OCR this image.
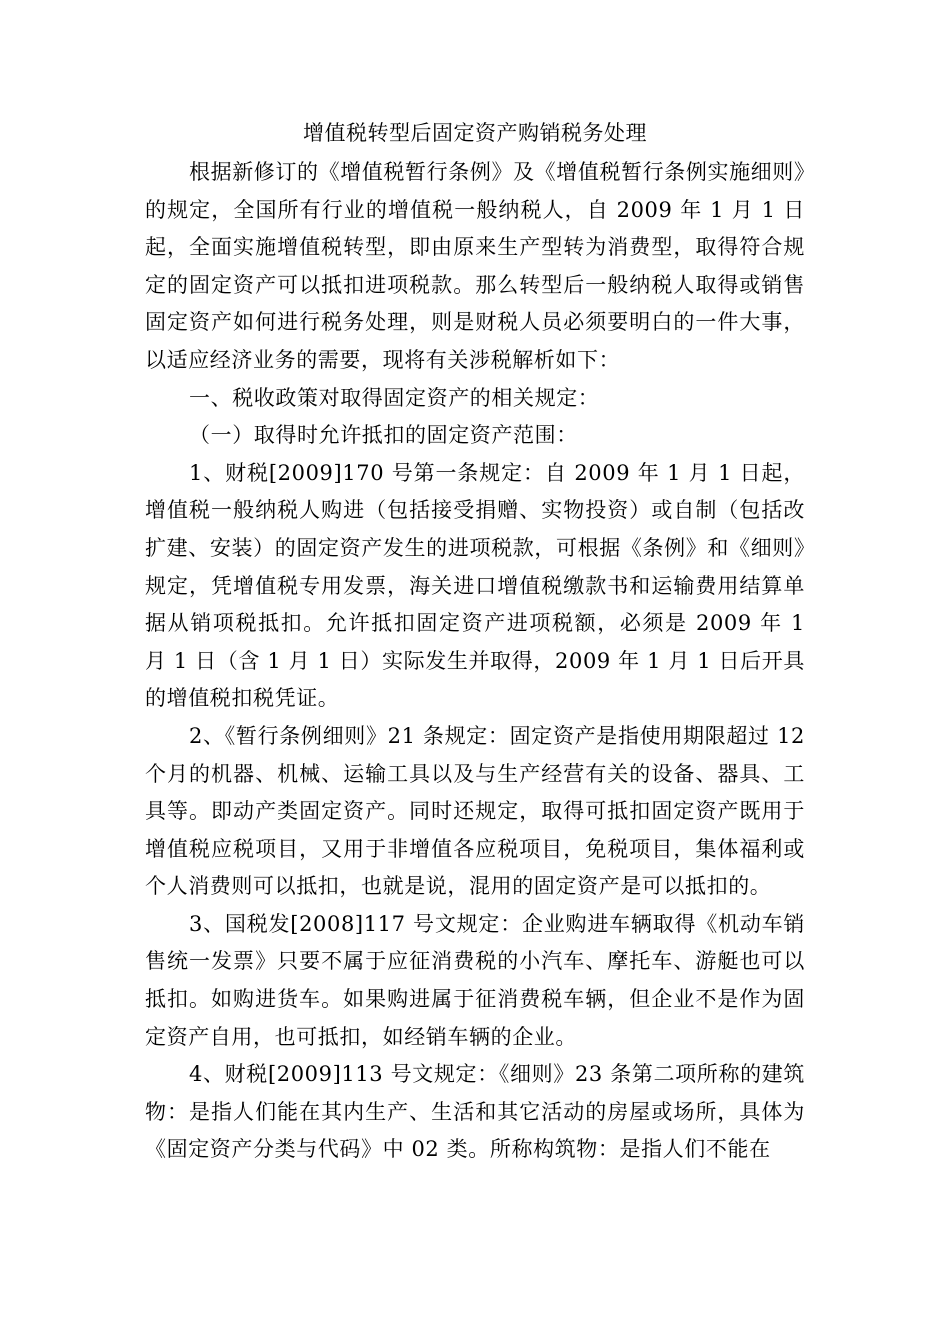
增值税转型后固定资产购销税务处理

根据新修订的《增值税暂行条例》及《增值税暂行条例实施细则》的规定，全国所有行业的增值税一般纳税人，自 2009 年 1 月 1 日起，全面实施增值税转型，即由原来生产型转为消费型，取得符合规定的固定资产可以抵扣进项税款。那么转型后一般纳税人取得或销售固定资产如何进行税务处理，则是财税人员必须要明白的一件大事，以适应经济业务的需要，现将有关涉税解析如下：

一、税收政策对取得固定资产的相关规定：

（一）取得时允许抵扣的固定资产范围：

1、财税[2009]170 号第一条规定：自 2009 年 1 月 1 日起，增值税一般纳税人购进（包括接受捐赠、实物投资）或自制（包括改扩建、安装）的固定资产发生的进项税款，可根据《条例》和《细则》规定，凭增值税专用发票，海关进口增值税缴款书和运输费用结算单据从销项税抵扣。允许抵扣固定资产进项税额，必须是 2009 年 1 月 1 日（含 1 月 1 日）实际发生并取得，2009 年 1 月 1 日后开具的增值税扣税凭证。

2、《暂行条例细则》21 条规定：固定资产是指使用期限超过 12 个月的机器、机械、运输工具以及与生产经营有关的设备、器具、工具等。即动产类固定资产。同时还规定，取得可抵扣固定资产既用于增值税应税项目，又用于非增值各应税项目，免税项目，集体福利或个人消费则可以抵扣，也就是说，混用的固定资产是可以抵扣的。

3、国税发[2008]117 号文规定：企业购进车辆取得《机动车销售统一发票》只要不属于应征消费税的小汽车、摩托车、游艇也可以抵扣。如购进货车。如果购进属于征消费税车辆，但企业不是作为固定资产自用，也可抵扣，如经销车辆的企业。

4、财税[2009]113 号文规定：《细则》23 条第二项所称的建筑物：是指人们能在其内生产、生活和其它活动的房屋或场所，具体为《固定资产分类与代码》中 02 类。所称构筑物：是指人们不能在
